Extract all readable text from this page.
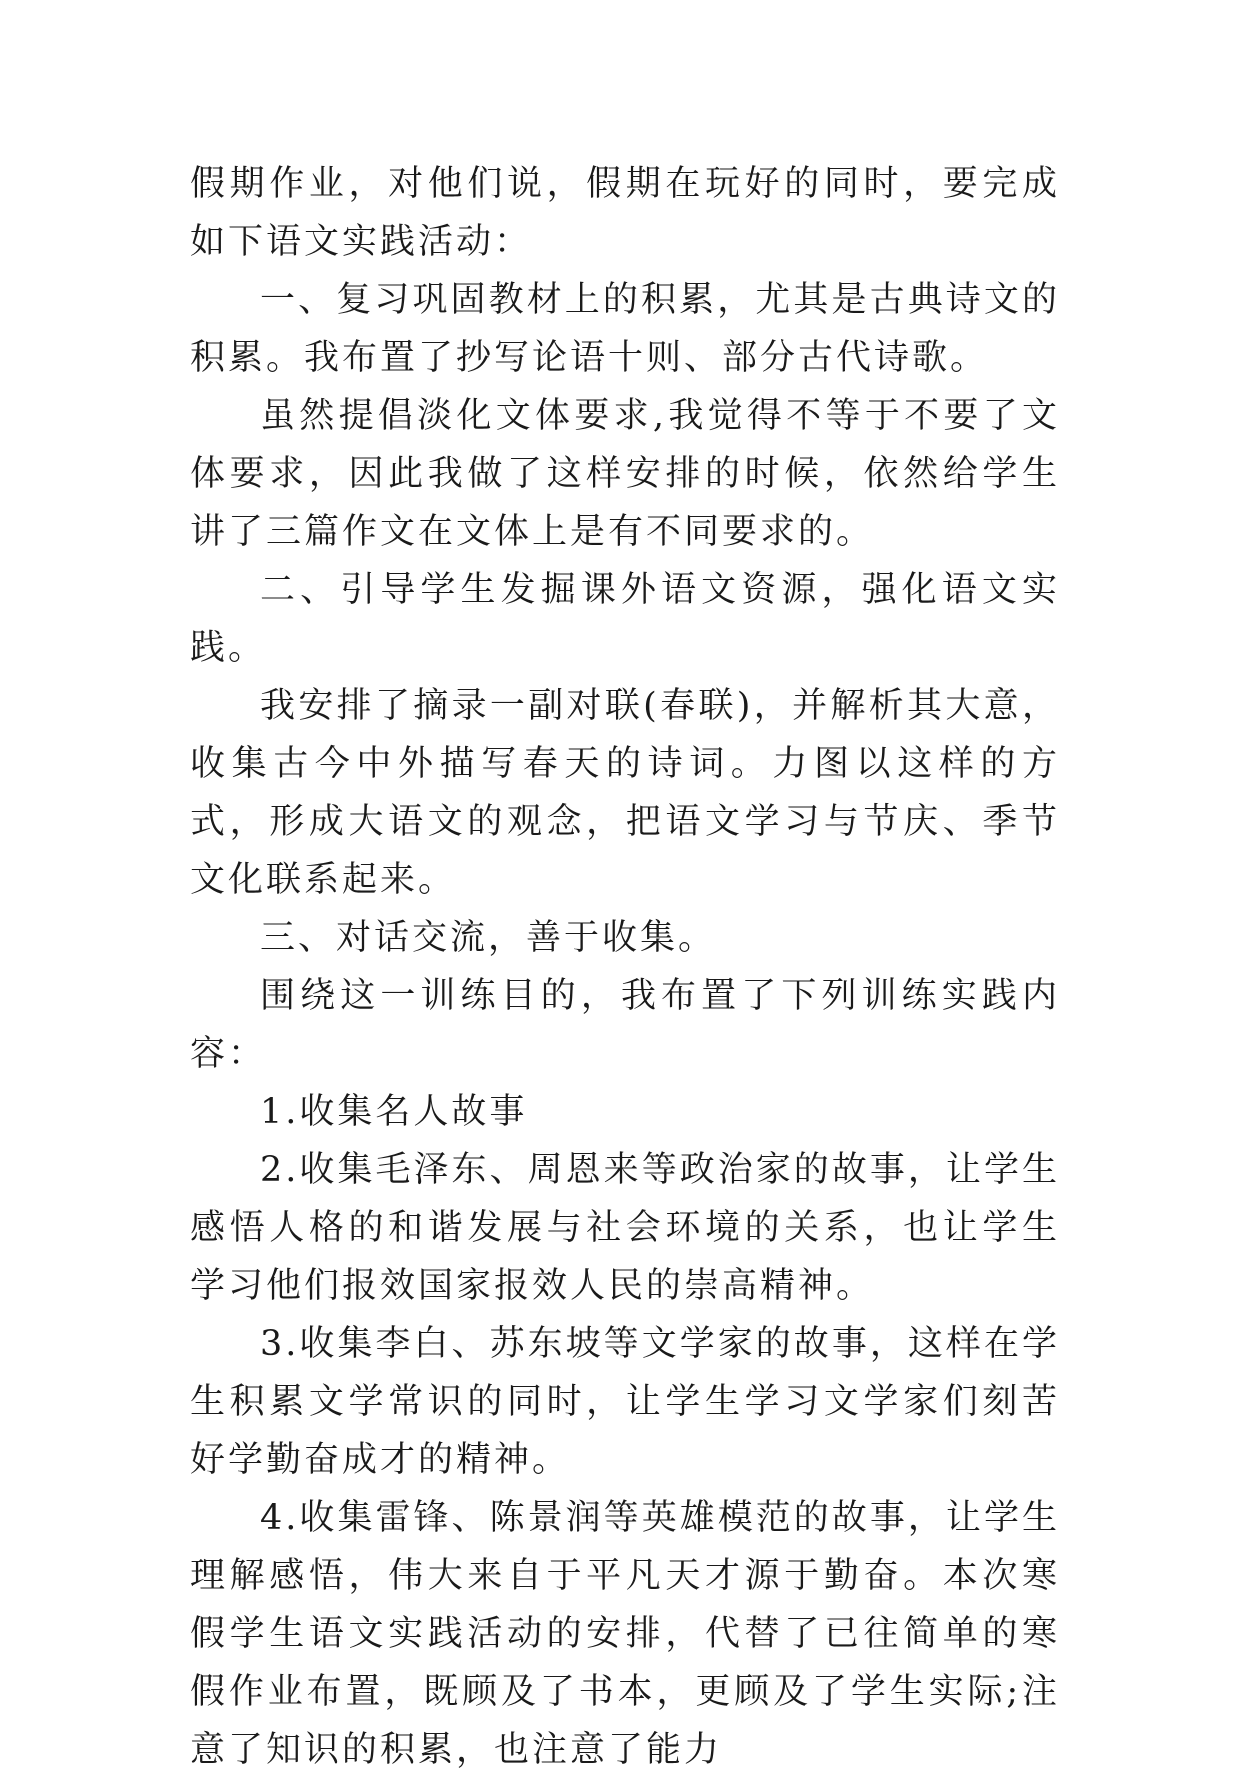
假期作业，对他们说，假期在玩好的同时，要完成如下语文实践活动：

一、复习巩固教材上的积累，尤其是古典诗文的积累。我布置了抄写论语十则、部分古代诗歌。

虽然提倡淡化文体要求,我觉得不等于不要了文体要求，因此我做了这样安排的时候，依然给学生讲了三篇作文在文体上是有不同要求的。

二、引导学生发掘课外语文资源，强化语文实践。

我安排了摘录一副对联(春联)，并解析其大意，收集古今中外描写春天的诗词。力图以这样的方式，形成大语文的观念，把语文学习与节庆、季节文化联系起来。

三、对话交流，善于收集。

围绕这一训练目的，我布置了下列训练实践内容：

1.收集名人故事

2.收集毛泽东、周恩来等政治家的故事，让学生感悟人格的和谐发展与社会环境的关系，也让学生学习他们报效国家报效人民的崇高精神。

3.收集李白、苏东坡等文学家的故事，这样在学生积累文学常识的同时，让学生学习文学家们刻苦好学勤奋成才的精神。

4.收集雷锋、陈景润等英雄模范的故事，让学生理解感悟，伟大来自于平凡天才源于勤奋。本次寒假学生语文实践活动的安排，代替了已往简单的寒假作业布置，既顾及了书本，更顾及了学生实际;注意了知识的积累，也注意了能力
